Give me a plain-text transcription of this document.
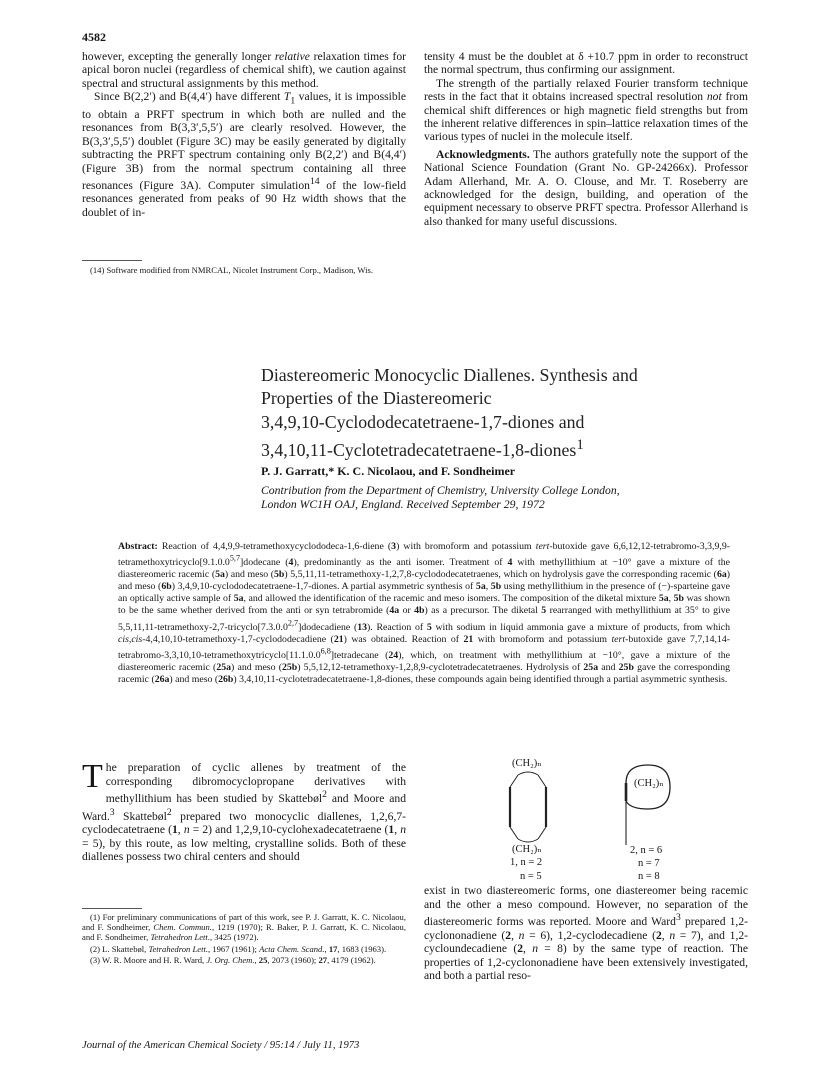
4582

however, excepting the generally longer relative relaxation times for apical boron nuclei (regardless of chemical shift), we caution against spectral and structural assignments by this method.

Since B(2,2′) and B(4,4′) have different $T_1$ values, it is impossible to obtain a PRFT spectrum in which both are nulled and the resonances from B(3,3′,5,5′) are clearly resolved. However, the B(3,3′,5,5′) doublet (Figure 3C) may be easily generated by digitally subtracting the PRFT spectrum containing only B(2,2′) and B(4,4′) (Figure 3B) from the normal spectrum containing all three resonances (Figure 3A). Computer simulation$^{14}$ of the low-field resonances generated from peaks of 90 Hz width shows that the doublet of in-

(14) Software modified from NMRCAL, Nicolet Instrument Corp., Madison, Wis.

tensity 4 must be the doublet at δ +10.7 ppm in order to reconstruct the normal spectrum, thus confirming our assignment.

The strength of the partially relaxed Fourier transform technique rests in the fact that it obtains increased spectral resolution not from chemical shift differences or high magnetic field strengths but from the inherent relative differences in spin–lattice relaxation times of the various types of nuclei in the molecule itself.

Acknowledgments. The authors gratefully note the support of the National Science Foundation (Grant No. GP-24266x). Professor Adam Allerhand, Mr. A. O. Clouse, and Mr. T. Roseberry are acknowledged for the design, building, and operation of the equipment necessary to observe PRFT spectra. Professor Allerhand is also thanked for many useful discussions.

Diastereomeric Monocyclic Diallenes. Synthesis and
Properties of the Diastereomeric
3,4,9,10-Cyclododecatetraene-1,7-diones and
3,4,10,11-Cyclotetradecatetraene-1,8-diones$^1$
P. J. Garratt,* K. C. Nicolaou, and F. Sondheimer
Contribution from the Department of Chemistry, University College London,
London WC1H OAJ, England. Received September 29, 1972
Abstract: Reaction of 4,4,9,9-tetramethoxycyclododeca-1,6-diene (3) with bromoform and potassium tert-butoxide gave 6,6,12,12-tetrabromo-3,3,9,9-tetramethoxytricyclo[9.1.0.0$^{5,7}$]dodecane (4), predominantly as the anti isomer. Treatment of 4 with methyllithium at −10° gave a mixture of the diastereomeric racemic (5a) and meso (5b) 5,5,11,11-tetramethoxy-1,2,7,8-cyclododecatetraenes, which on hydrolysis gave the corresponding racemic (6a) and meso (6b) 3,4,9,10-cyclododecatetraene-1,7-diones. A partial asymmetric synthesis of 5a, 5b using methyllithium in the presence of (−)-sparteine gave an optically active sample of 5a, and allowed the identification of the racemic and meso isomers. The composition of the diketal mixture 5a, 5b was shown to be the same whether derived from the anti or syn tetrabromide (4a or 4b) as a precursor. The diketal 5 rearranged with methyllithium at 35° to give 5,5,11,11-tetramethoxy-2,7-tricyclo[7.3.0.0$^{2,7}$]dodecadiene (13). Reaction of 5 with sodium in liquid ammonia gave a mixture of products, from which cis,cis-4,4,10,10-tetramethoxy-1,7-cyclododecadiene (21) was obtained. Reaction of 21 with bromoform and potassium tert-butoxide gave 7,7,14,14-tetrabromo-3,3,10,10-tetramethoxytricyclo[11.1.0.0$^{6,8}$]tetradecane (24), which, on treatment with methyllithium at −10°, gave a mixture of the diastereomeric racemic (25a) and meso (25b) 5,5,12,12-tetramethoxy-1,2,8,9-cyclotetradecatetraenes. Hydrolysis of 25a and 25b gave the corresponding racemic (26a) and meso (26b) 3,4,10,11-cyclotetradecatetraene-1,8-diones, these compounds again being identified through a partial asymmetric synthesis.
T he preparation of cyclic allenes by treatment of the corresponding dibromocyclopropane derivatives with methyllithium has been studied by Skattebøl$^2$ and Moore and Ward.$^3$ Skattebøl$^2$ prepared two monocyclic diallenes, 1,2,6,7-cyclodecatetraene (1, n = 2) and 1,2,9,10-cyclohexadecatetraene (1, n = 5), by this route, as low melting, crystalline solids. Both of these diallenes possess two chiral centers and should

(1) For preliminary communications of part of this work, see P. J. Garratt, K. C. Nicolaou, and F. Sondheimer, Chem. Commun., 1219 (1970); R. Baker, P. J. Garratt, K. C. Nicolaou, and F. Sondheimer, Tetrahedron Lett., 3425 (1972).

(2) L. Skattebøl, Tetrahedron Lett., 1967 (1961); Acta Chem. Scand., 17, 1683 (1963).

(3) W. R. Moore and H. R. Ward, J. Org. Chem., 25, 2073 (1960); 27, 4179 (1962).

(CH₂)ₙ
(CH₂)ₙ
1, n = 2
n = 5
(CH₂)ₙ
2, n = 6
n = 7
n = 8
exist in two diastereomeric forms, one diastereomer being racemic and the other a meso compound. However, no separation of the diastereomeric forms was reported. Moore and Ward$^3$ prepared 1,2-cyclononadiene (2, n = 6), 1,2-cyclodecadiene (2, n = 7), and 1,2-cycloundecadiene (2, n = 8) by the same type of reaction. The properties of 1,2-cyclononadiene have been extensively investigated, and both a partial reso-
Journal of the American Chemical Society / 95:14 / July 11, 1973
